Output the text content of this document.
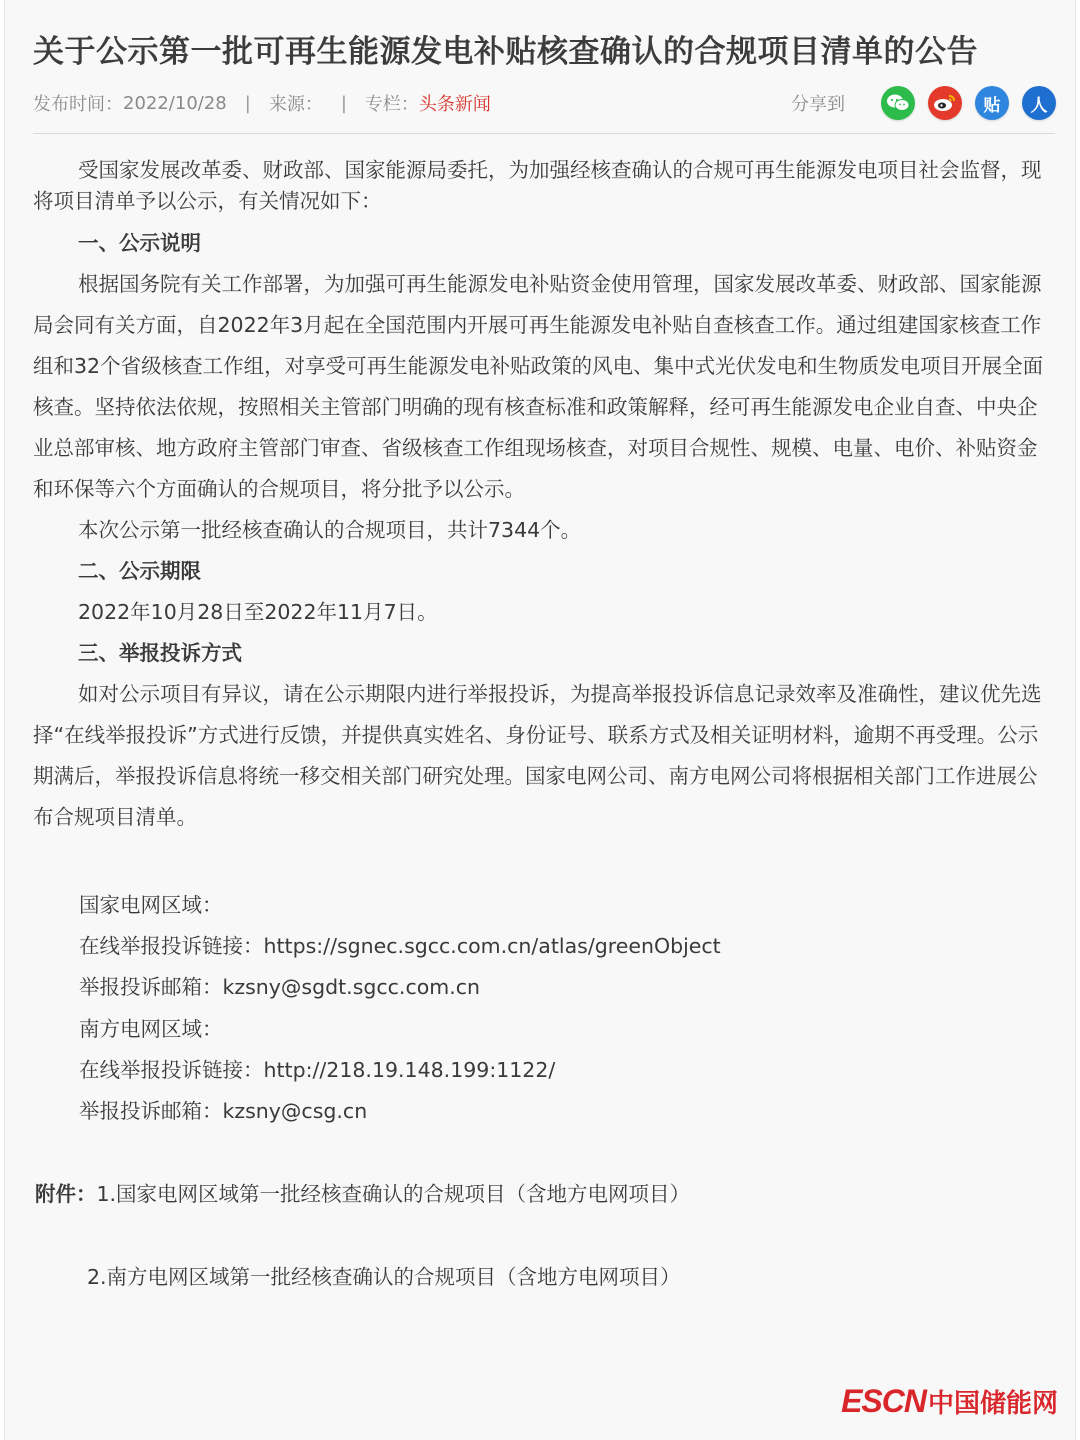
关于公示第一批可再生能源发电补贴核查确认的合规项目清单的公告
发布时间： 2022/10/28 | 来源： | 专栏： 头条新闻	分享到	贴 人

受国家发展改革委、财政部、国家能源局委托，为加强经核查确认的合规可再生能源发电项目社会监督，现将项目清单予以公示，有关情况如下：

一、公示说明

根据国务院有关工作部署，为加强可再生能源发电补贴资金使用管理，国家发展改革委、财政部、国家能源局会同有关方面，自2022年3月起在全国范围内开展可再生能源发电补贴自查核查工作。通过组建国家核查工作组和32个省级核查工作组，对享受可再生能源发电补贴政策的风电、集中式光伏发电和生物质发电项目开展全面核查。坚持依法依规，按照相关主管部门明确的现有核查标准和政策解释，经可再生能源发电企业自查、中央企业总部审核、地方政府主管部门审查、省级核查工作组现场核查，对项目合规性、规模、电量、电价、补贴资金和环保等六个方面确认的合规项目，将分批予以公示。

本次公示第一批经核查确认的合规项目，共计7344个。

二、公示期限

2022年10月28日至2022年11月7日。

三、举报投诉方式

如对公示项目有异议，请在公示期限内进行举报投诉，为提高举报投诉信息记录效率及准确性，建议优先选择“在线举报投诉”方式进行反馈，并提供真实姓名、身份证号、联系方式及相关证明材料，逾期不再受理。公示期满后，举报投诉信息将统一移交相关部门研究处理。国家电网公司、南方电网公司将根据相关部门工作进展公布合规项目清单。

国家电网区域：
在线举报投诉链接：https://sgnec.sgcc.com.cn/atlas/greenObject
举报投诉邮箱：kzsny@sgdt.sgcc.com.cn
南方电网区域：
在线举报投诉链接：http://218.19.148.199:1122/
举报投诉邮箱：kzsny@csg.cn
附件：1.国家电网区域第一批经核查确认的合规项目（含地方电网项目）
2.南方电网区域第一批经核查确认的合规项目（含地方电网项目）
ESCN 中国储能网
